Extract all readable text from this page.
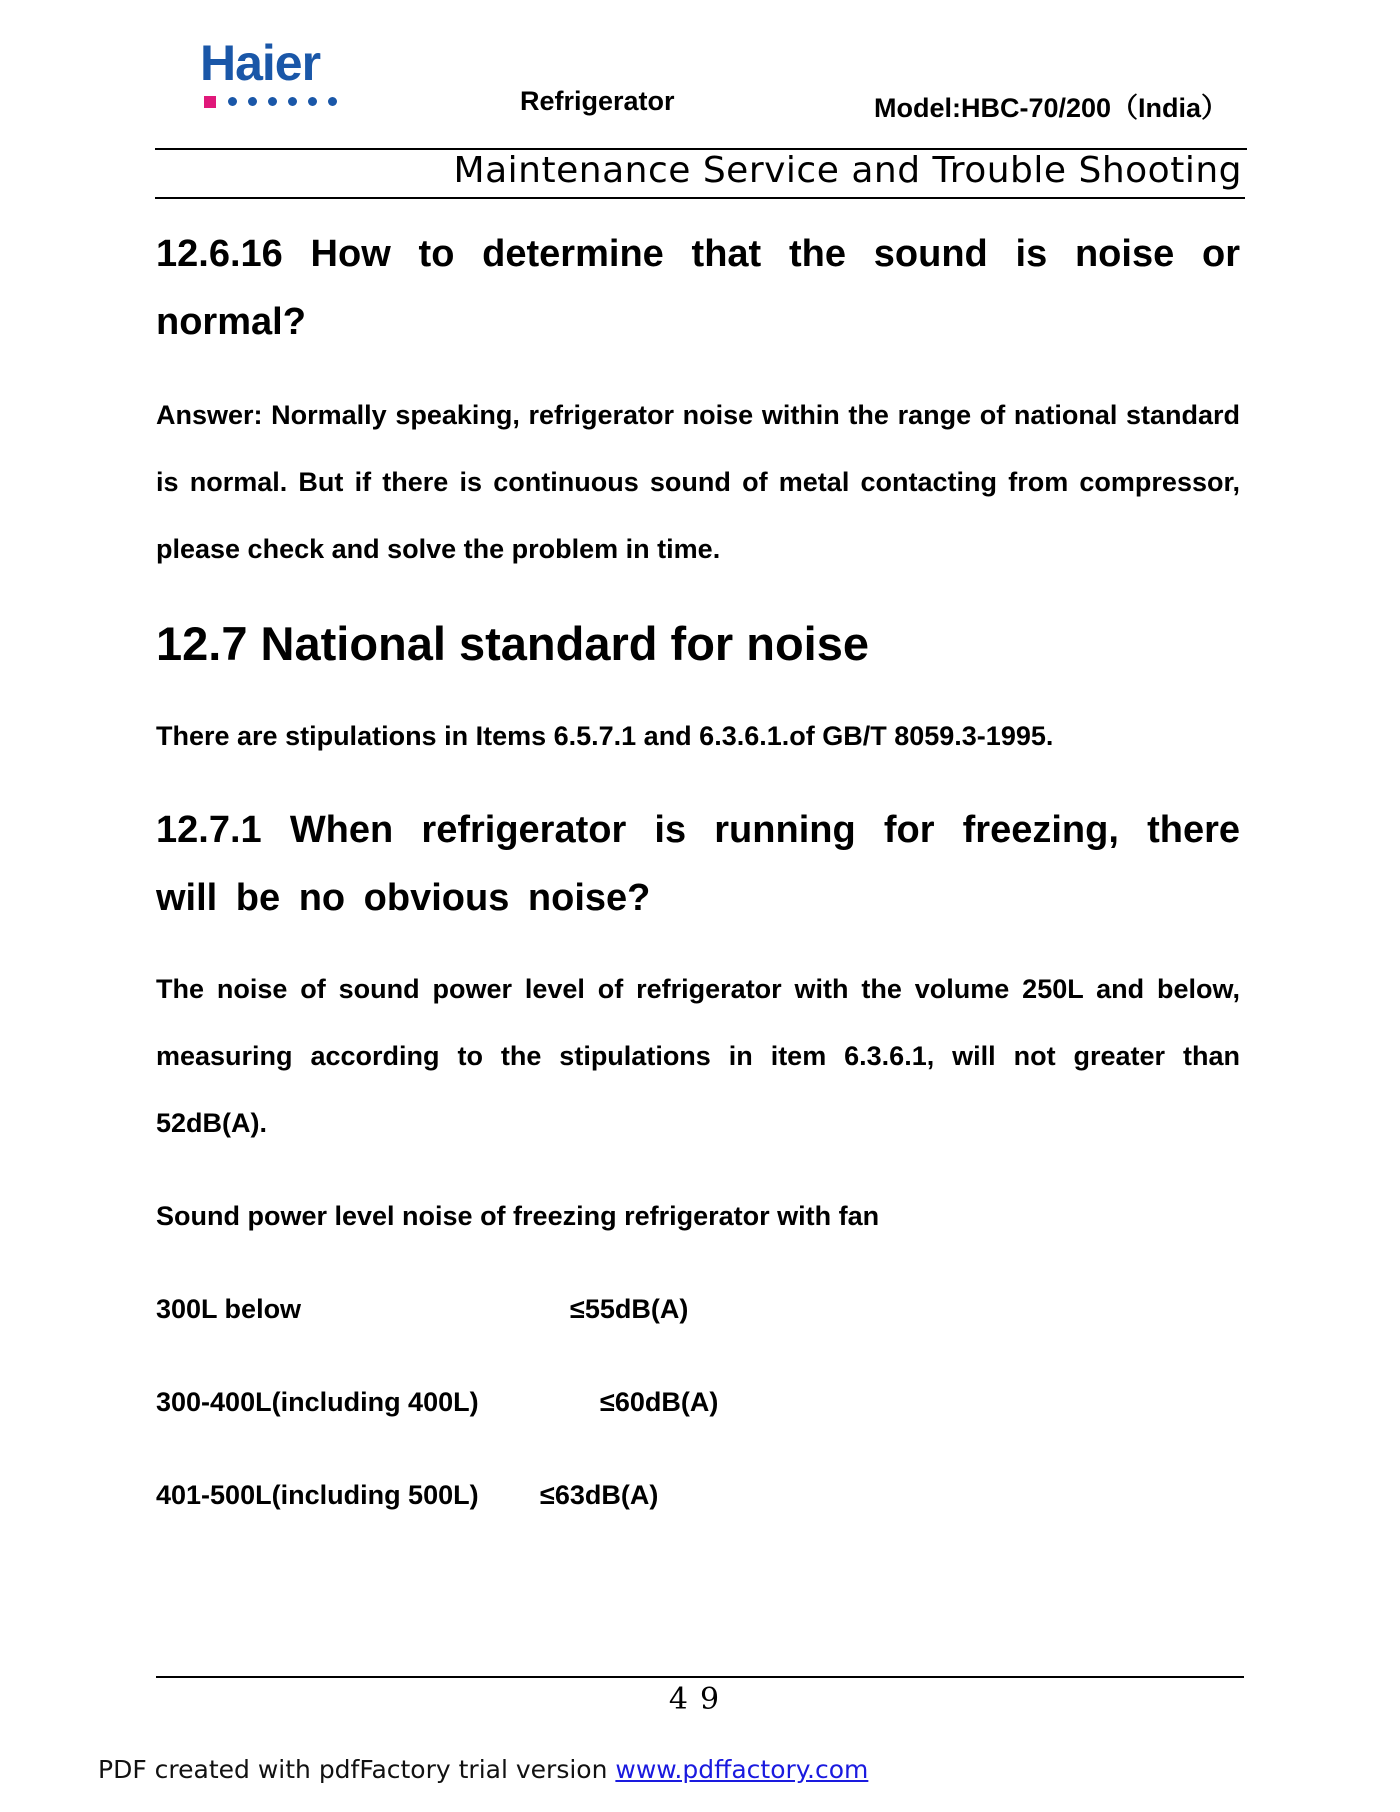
Haier
Refrigerator	Model:HBC-70/200（India）
Maintenance Service and Trouble Shooting
12.6.16 How to determine that the sound is noise or normal?
Answer: Normally speaking, refrigerator noise within the range of national standard is normal. But if there is continuous sound of metal contacting from compressor, please check and solve the problem in time.
12.7 National standard for noise
There are stipulations in Items 6.5.7.1 and 6.3.6.1.of GB/T 8059.3-1995.
12.7.1 When refrigerator is running for freezing, there will be no obvious noise?
The noise of sound power level of refrigerator with the volume 250L and below, measuring according to the stipulations in item 6.3.6.1, will not greater than 52dB(A).
Sound power level noise of freezing refrigerator with fan
300L below	≤55dB(A)
300-400L(including 400L)	≤60dB(A)
401-500L(including 500L) ≤63dB(A)
49
PDF created with pdfFactory trial version www.pdffactory.com
